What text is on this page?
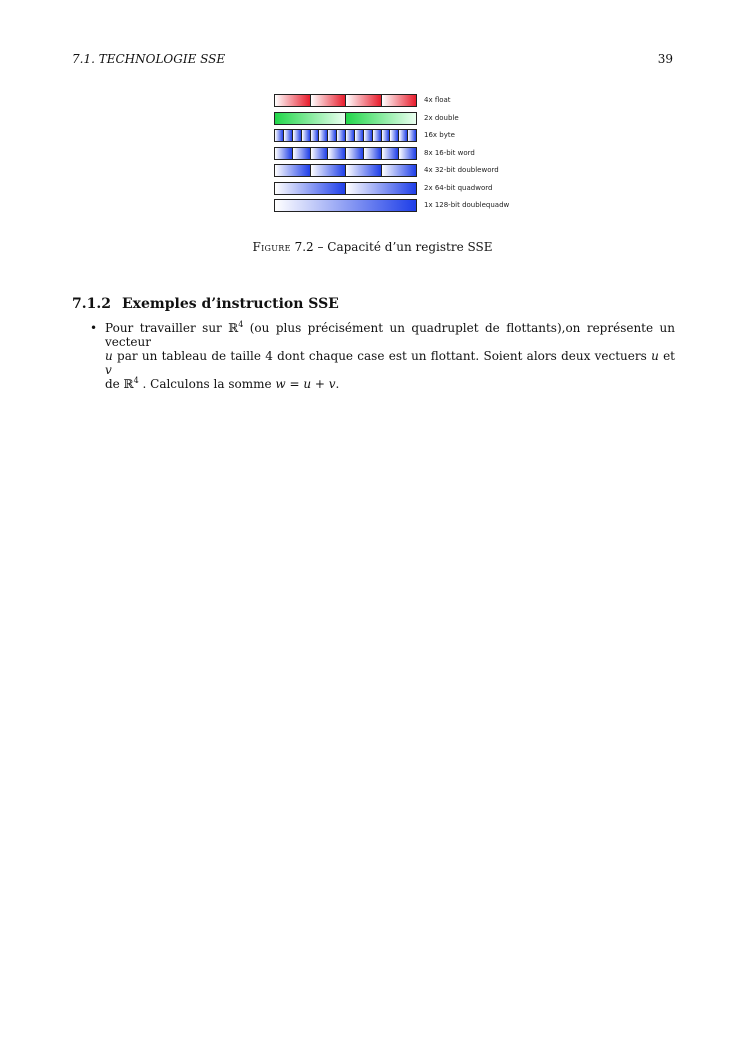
7.1. TECHNOLOGIE SSE	39
4x float
2x double
16x byte
8x 16-bit word
4x 32-bit doubleword
2x 64-bit quadword
1x 128-bit doublequadw
Figure 7.2 – Capacité d’un registre SSE
7.1.2 Exemples d’instruction SSE
• Pour travailler sur ℝ$^4$ (ou plus précisément un quadruplet de flottants),on représente un vecteur
u par un tableau de taille 4 dont chaque case est un flottant. Soient alors deux vectuers u et v
de ℝ$^4$ . Calculons la somme w = u + v.
